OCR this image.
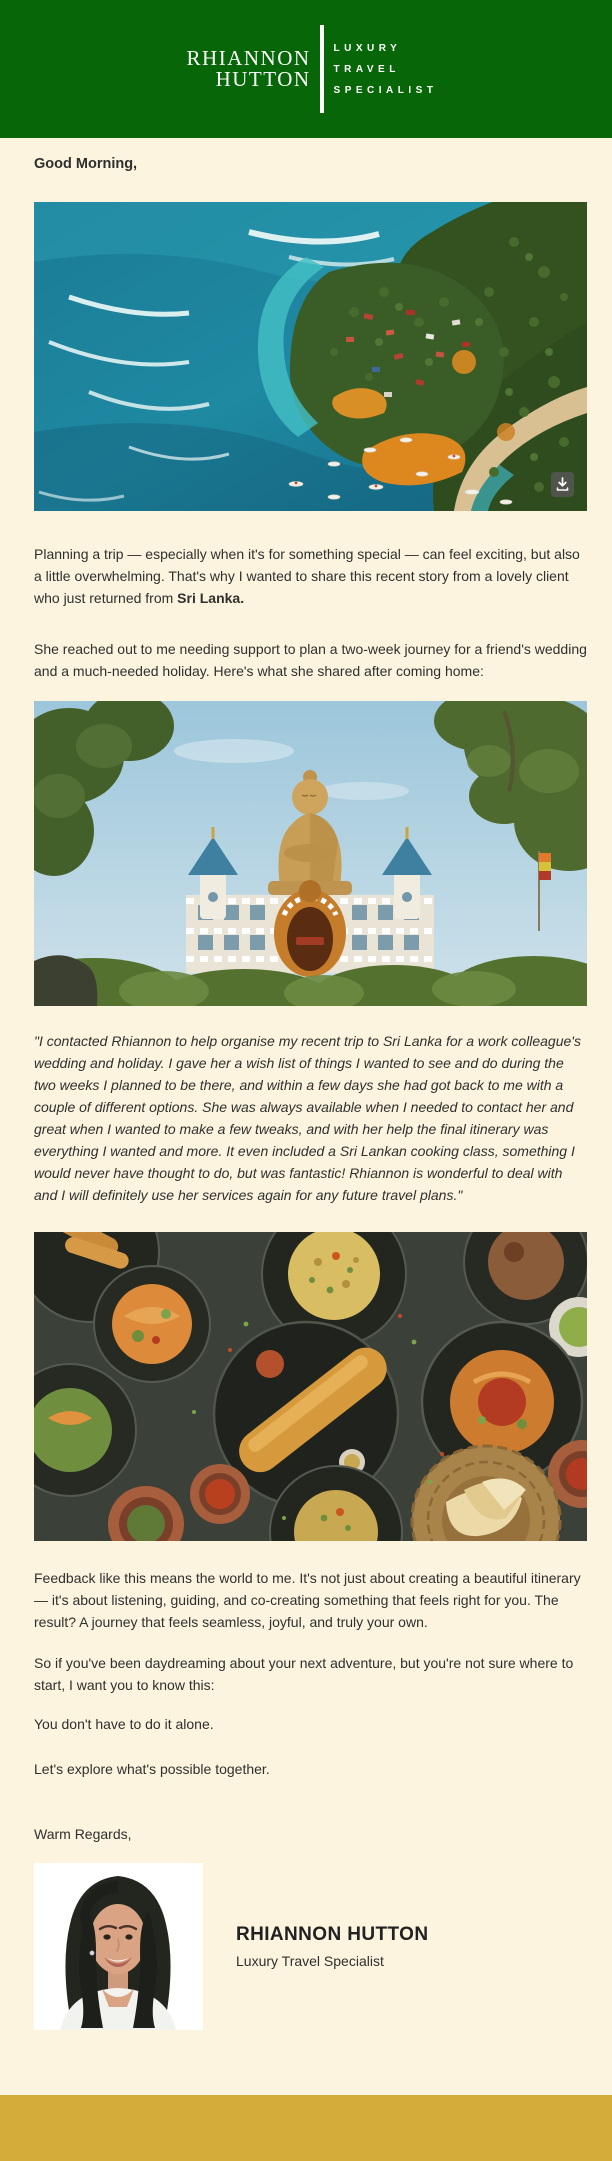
RHIANNON
HUTTON
LUXURY
TRAVEL
SPECIALIST

Good Morning,

Planning a trip — especially when it's for something special — can feel exciting, but also a little overwhelming. That's why I wanted to share this recent story from a lovely client who just returned from Sri Lanka.

She reached out to me needing support to plan a two-week journey for a friend's wedding and a much-needed holiday. Here's what she shared after coming home:

"I contacted Rhiannon to help organise my recent trip to Sri Lanka for a work colleague's wedding and holiday. I gave her a wish list of things I wanted to see and do during the two weeks I planned to be there, and within a few days she had got back to me with a couple of different options. She was always available when I needed to contact her and great when I wanted to make a few tweaks, and with her help the final itinerary was everything I wanted and more. It even included a Sri Lankan cooking class, something I would never have thought to do, but was fantastic! Rhiannon is wonderful to deal with and I will definitely use her services again for any future travel plans."

Feedback like this means the world to me. It's not just about creating a beautiful itinerary — it's about listening, guiding, and co-creating something that feels right for you. The result? A journey that feels seamless, joyful, and truly your own.

So if you've been daydreaming about your next adventure, but you're not sure where to start, I want you to know this:

You don't have to do it alone.

Let's explore what's possible together.

Warm Regards,

RHIANNON HUTTON
Luxury Travel Specialist
